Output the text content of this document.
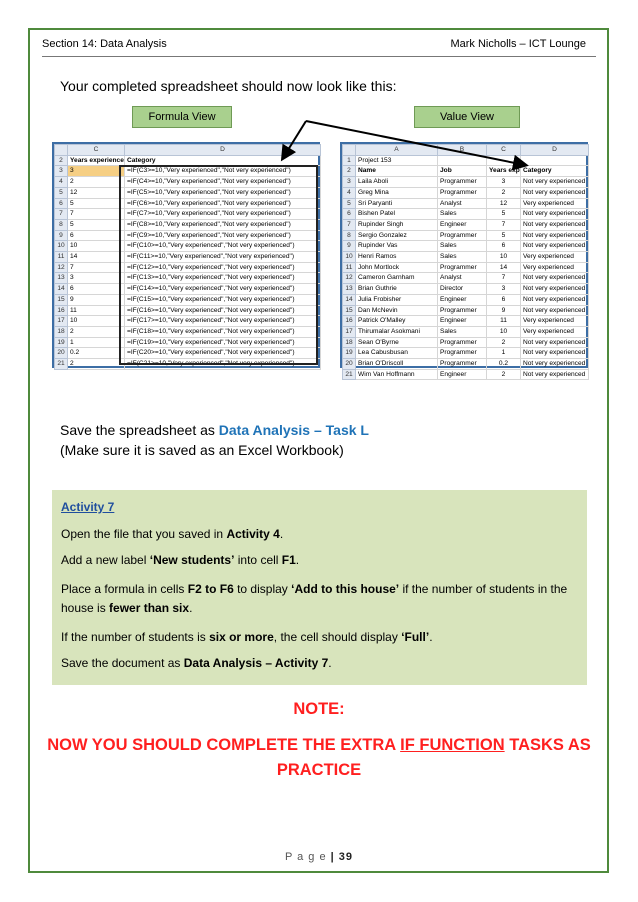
Section 14: Data Analysis	Mark Nicholls – ICT Lounge
Your completed spreadsheet should now look like this:
Formula View	Value View
	C	D
2	Years experience	Category
3	3	=IF(C3>=10,"Very experienced","Not very experienced")
4	2	=IF(C4>=10,"Very experienced","Not very experienced")
5	12	=IF(C5>=10,"Very experienced","Not very experienced")
6	5	=IF(C6>=10,"Very experienced","Not very experienced")
7	7	=IF(C7>=10,"Very experienced","Not very experienced")
8	5	=IF(C8>=10,"Very experienced","Not very experienced")
9	6	=IF(C9>=10,"Very experienced","Not very experienced")
10	10	=IF(C10>=10,"Very experienced","Not very experienced")
11	14	=IF(C11>=10,"Very experienced","Not very experienced")
12	7	=IF(C12>=10,"Very experienced","Not very experienced")
13	3	=IF(C13>=10,"Very experienced","Not very experienced")
14	6	=IF(C14>=10,"Very experienced","Not very experienced")
15	9	=IF(C15>=10,"Very experienced","Not very experienced")
16	11	=IF(C16>=10,"Very experienced","Not very experienced")
17	10	=IF(C17>=10,"Very experienced","Not very experienced")
18	2	=IF(C18>=10,"Very experienced","Not very experienced")
19	1	=IF(C19>=10,"Very experienced","Not very experienced")
20	0.2	=IF(C20>=10,"Very experienced","Not very experienced")
21	2	=IF(C21>=10,"Very experienced","Not very experienced")
	A	B	C	D
1	Project 153			
2	Name	Job	Years exp	Category
3	Laila Aboli	Programmer	3	Not very experienced
4	Greg Mina	Programmer	2	Not very experienced
5	Sri Paryanti	Analyst	12	Very experienced
6	Bishen Patel	Sales	5	Not very experienced
7	Rupinder Singh	Engineer	7	Not very experienced
8	Sergio Gonzalez	Programmer	5	Not very experienced
9	Rupinder Vas	Sales	6	Not very experienced
10	Henri Ramos	Sales	10	Very experienced
11	John Mortlock	Programmer	14	Very experienced
12	Cameron Garnham	Analyst	7	Not very experienced
13	Brian Guthrie	Director	3	Not very experienced
14	Julia Frobisher	Engineer	6	Not very experienced
15	Dan McNevin	Programmer	9	Not very experienced
16	Patrick O'Malley	Engineer	11	Very experienced
17	Thirumalar Asokmani	Sales	10	Very experienced
18	Sean O'Byrne	Programmer	2	Not very experienced
19	Lea Cabusbusan	Programmer	1	Not very experienced
20	Brian O'Driscoll	Programmer	0.2	Not very experienced
21	Wim Van Hoffmann	Engineer	2	Not very experienced
Save the spreadsheet as Data Analysis – Task L
(Make sure it is saved as an Excel Workbook)

Activity 7

Open the file that you saved in Activity 4.

Add a new label ‘New students’ into cell F1.

Place a formula in cells F2 to F6 to display ‘Add to this house’ if the number of students in the house is fewer than six.

If the number of students is six or more, the cell should display ‘Full’.

Save the document as Data Analysis – Activity 7.

NOTE:
NOW YOU SHOULD COMPLETE THE EXTRA IF FUNCTION TASKS AS
PRACTICE
P a g e | 39
